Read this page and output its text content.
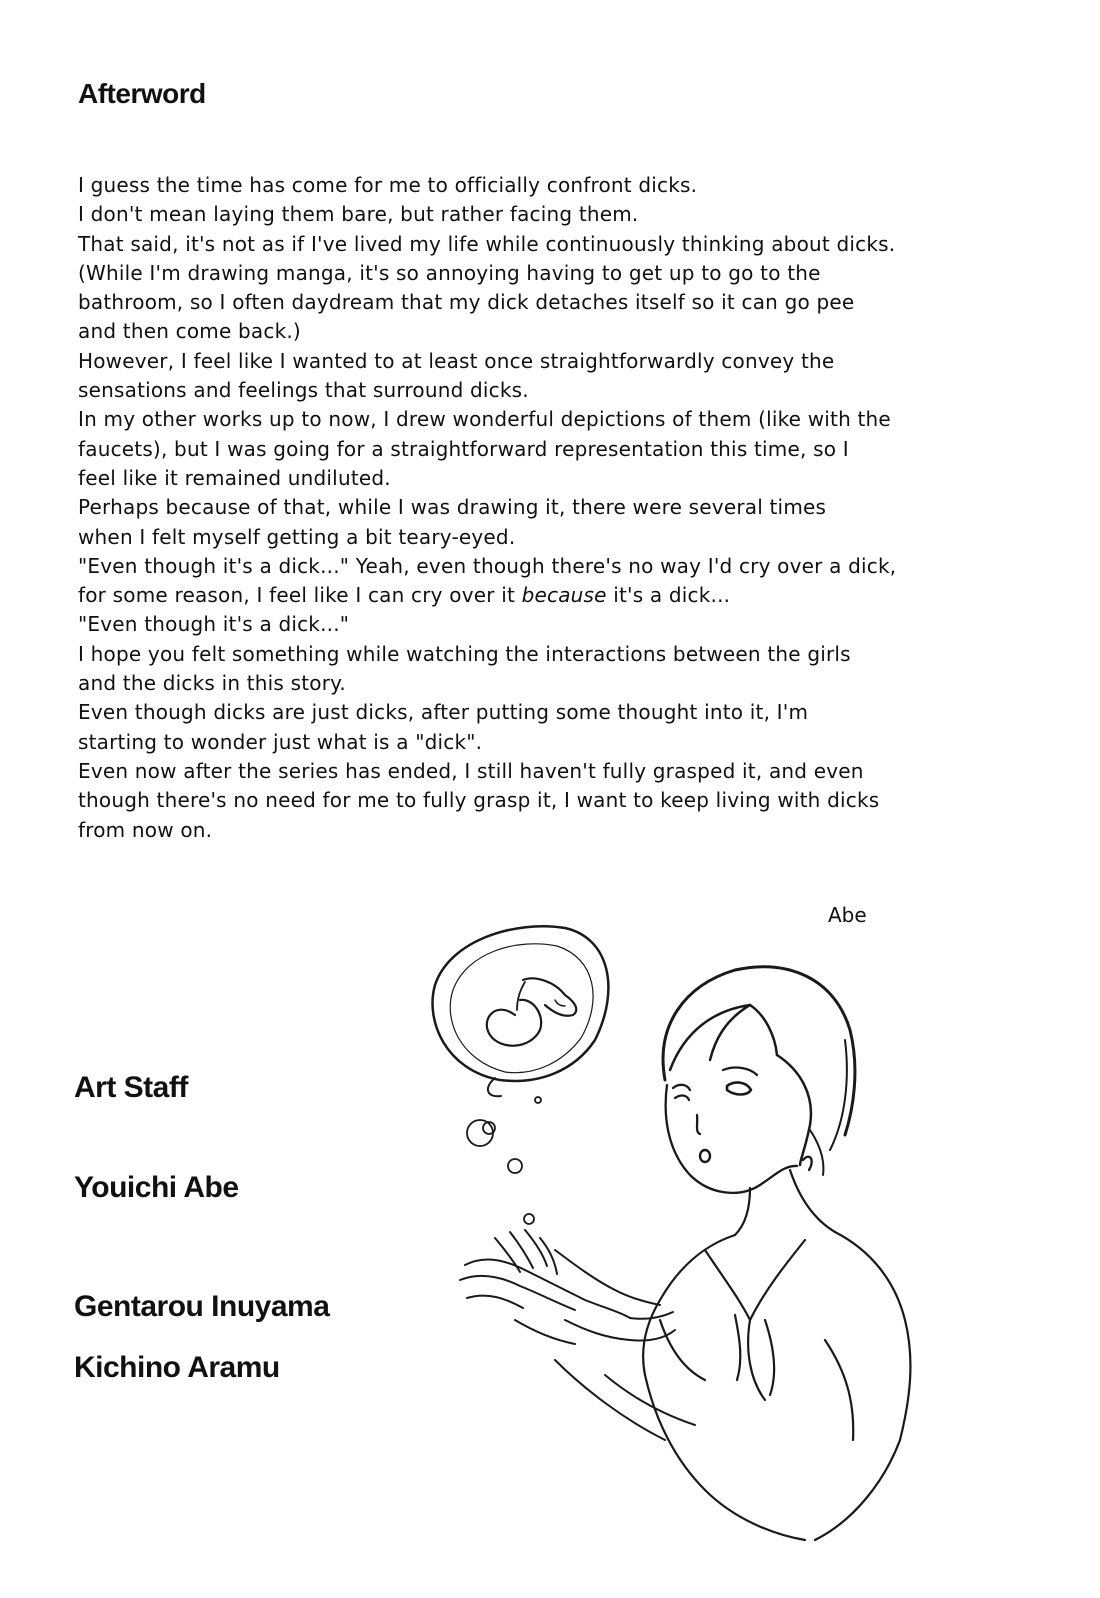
Afterword
I guess the time has come for me to officially confront dicks.
I don't mean laying them bare, but rather facing them.
That said, it's not as if I've lived my life while continuously thinking about dicks.
(While I'm drawing manga, it's so annoying having to get up to go to the
bathroom, so I often daydream that my dick detaches itself so it can go pee
and then come back.)
However, I feel like I wanted to at least once straightforwardly convey the
sensations and feelings that surround dicks.
In my other works up to now, I drew wonderful depictions of them (like with the
faucets), but I was going for a straightforward representation this time, so I
feel like it remained undiluted.
Perhaps because of that, while I was drawing it, there were several times
when I felt myself getting a bit teary-eyed.
"Even though it's a dick..." Yeah, even though there's no way I'd cry over a dick,
for some reason, I feel like I can cry over it because it's a dick...
"Even though it's a dick..."
I hope you felt something while watching the interactions between the girls
and the dicks in this story.
Even though dicks are just dicks, after putting some thought into it, I'm
starting to wonder just what is a "dick".
Even now after the series has ended, I still haven't fully grasped it, and even
though there's no need for me to fully grasp it, I want to keep living with dicks
from now on.

Abe

Art Staff

Youichi Abe

Gentarou Inuyama

Kichino Aramu
